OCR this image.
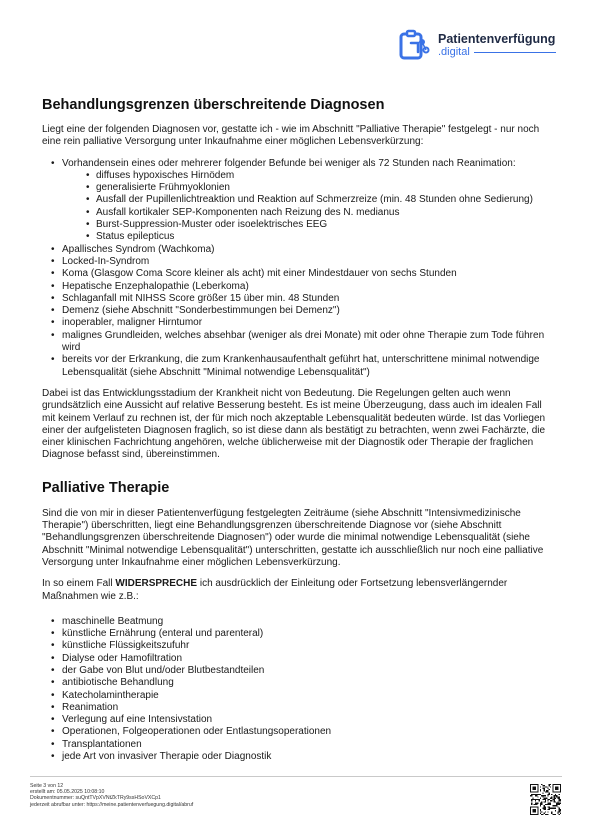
Patientenverfügung
.digital
Behandlungsgrenzen überschreitende Diagnosen

Liegt eine der folgenden Diagnosen vor, gestatte ich - wie im Abschnitt "Palliative Therapie" festgelegt - nur noch eine rein palliative Versorgung unter Inkaufnahme einer möglichen Lebensverkürzung:

• Vorhandensein eines oder mehrerer folgender Befunde bei weniger als 72 Stunden nach Reanimation:
• diffuses hypoxisches Hirnödem
• generalisierte Frühmyoklonien
• Ausfall der Pupillenlichtreaktion und Reaktion auf Schmerzreize (min. 48 Stunden ohne Sedierung)
• Ausfall kortikaler SEP-Komponenten nach Reizung des N. medianus
• Burst-Suppression-Muster oder isoelektrisches EEG
• Status epilepticus
• Apallisches Syndrom (Wachkoma)
• Locked-In-Syndrom
• Koma (Glasgow Coma Score kleiner als acht) mit einer Mindestdauer von sechs Stunden
• Hepatische Enzephalopathie (Leberkoma)
• Schlaganfall mit NIHSS Score größer 15 über min. 48 Stunden
• Demenz (siehe Abschnitt "Sonderbestimmungen bei Demenz")
• inoperabler, maligner Hirntumor
• malignes Grundleiden, welches absehbar (weniger als drei Monate) mit oder ohne Therapie zum Tode führen wird
• bereits vor der Erkrankung, die zum Krankenhausaufenthalt geführt hat, unterschrittene minimal notwendige Lebensqualität (siehe Abschnitt "Minimal notwendige Lebensqualität")

Dabei ist das Entwicklungsstadium der Krankheit nicht von Bedeutung. Die Regelungen gelten auch wenn grundsätzlich eine Aussicht auf relative Besserung besteht. Es ist meine Überzeugung, dass auch im idealen Fall mit keinem Verlauf zu rechnen ist, der für mich noch akzeptable Lebensqualität bedeuten würde. Ist das Vorliegen einer der aufgelisteten Diagnosen fraglich, so ist diese dann als bestätigt zu betrachten, wenn zwei Fachärzte, die einer klinischen Fachrichtung angehören, welche üblicherweise mit der Diagnostik oder Therapie der fraglichen Diagnose befasst sind, übereinstimmen.

Palliative Therapie

Sind die von mir in dieser Patientenverfügung festgelegten Zeiträume (siehe Abschnitt "Intensivmedizinische Therapie") überschritten, liegt eine Behandlungsgrenzen überschreitende Diagnose vor (siehe Abschnitt "Behandlungsgrenzen überschreitende Diagnosen") oder wurde die minimal notwendige Lebensqualität (siehe Abschnitt "Minimal notwendige Lebensqualität") unterschritten, gestatte ich ausschließlich nur noch eine palliative Versorgung unter Inkaufnahme einer möglichen Lebensverkürzung.

In so einem Fall WIDERSPRECHE ich ausdrücklich der Einleitung oder Fortsetzung lebensverlängernder Maßnahmen wie z.B.:

• maschinelle Beatmung
• künstliche Ernährung (enteral und parenteral)
• künstliche Flüssigkeitszufuhr
• Dialyse oder Hamofiltration
• der Gabe von Blut und/oder Blutbestandteilen
• antibiotische Behandlung
• Katecholamintherapie
• Reanimation
• Verlegung auf eine Intensivstation
• Operationen, Folgeoperationen oder Entlastungsoperationen
• Transplantationen
• jede Art von invasiver Therapie oder Diagnostik
Seite 3 von 12
erstellt am: 05.05.2025 10:08:10
Dokumentnummer: suQntTVpXVNtZkTRy9ssHSoVXCp1
jederzeit abrufbar unter: https://meine.patientenverfuegung.digital/abruf
